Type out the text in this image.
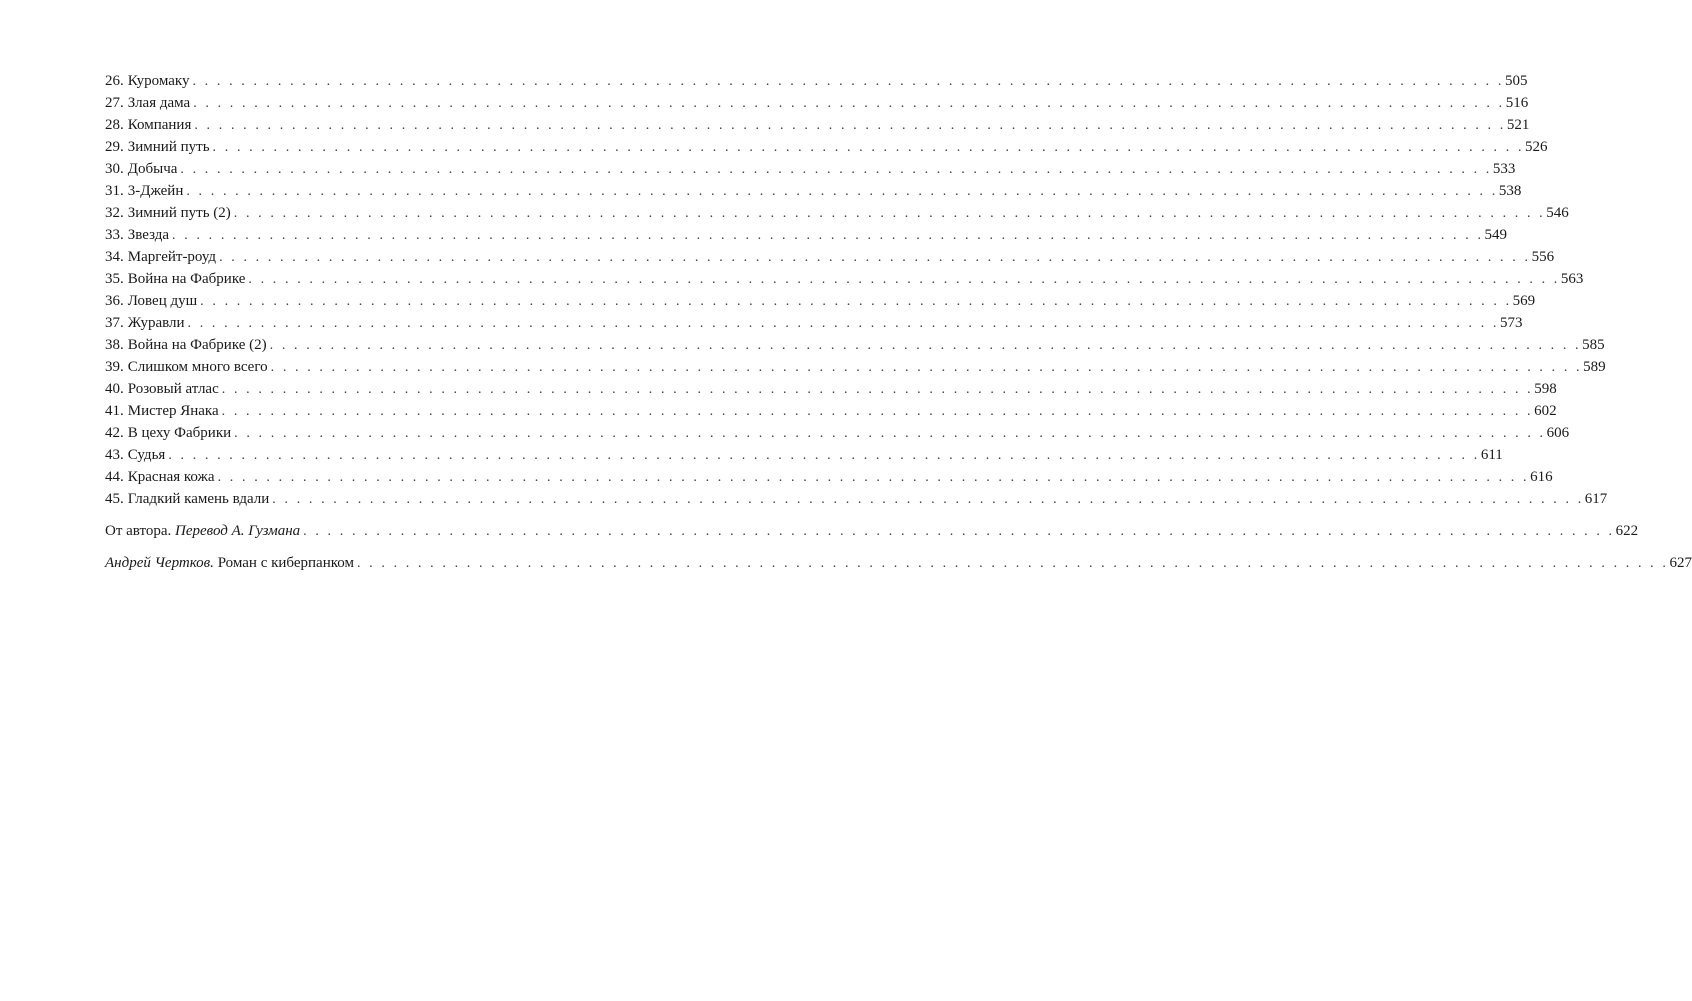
26. Куромаку . . . . . . . . . . . . . . . . . . . . . . . . . . . . . . . . . . . . . . . . . . . . . . . . . . . . . . . . . . . . . . . . . . . . . . . . . . . . . . . . . . . . . . . . . . . . . . . . . . . . . . . . . . . . 505
27. Злая дама . . . . . . . . . . . . . . . . . . . . . . . . . . . . . . . . . . . . . . . . . . . . . . . . . . . . . . . . . . . . . . . . . . . . . . . . . . . . . . . . . . . . . . . . . . . . . . . . . . . . . . . . . . . . 516
28. Компания . . . . . . . . . . . . . . . . . . . . . . . . . . . . . . . . . . . . . . . . . . . . . . . . . . . . . . . . . . . . . . . . . . . . . . . . . . . . . . . . . . . . . . . . . . . . . . . . . . . . . . . . . . . . 521
29. Зимний путь . . . . . . . . . . . . . . . . . . . . . . . . . . . . . . . . . . . . . . . . . . . . . . . . . . . . . . . . . . . . . . . . . . . . . . . . . . . . . . . . . . . . . . . . . . . . . . . . . . . . . . . . . . . . 526
30. Добыча . . . . . . . . . . . . . . . . . . . . . . . . . . . . . . . . . . . . . . . . . . . . . . . . . . . . . . . . . . . . . . . . . . . . . . . . . . . . . . . . . . . . . . . . . . . . . . . . . . . . . . . . . . . . 533
31. 3-Джейн . . . . . . . . . . . . . . . . . . . . . . . . . . . . . . . . . . . . . . . . . . . . . . . . . . . . . . . . . . . . . . . . . . . . . . . . . . . . . . . . . . . . . . . . . . . . . . . . . . . . . . . . . . . . 538
32. Зимний путь (2) . . . . . . . . . . . . . . . . . . . . . . . . . . . . . . . . . . . . . . . . . . . . . . . . . . . . . . . . . . . . . . . . . . . . . . . . . . . . . . . . . . . . . . . . . . . . . . . . . . . . . . . . . . . . 546
33. Звезда . . . . . . . . . . . . . . . . . . . . . . . . . . . . . . . . . . . . . . . . . . . . . . . . . . . . . . . . . . . . . . . . . . . . . . . . . . . . . . . . . . . . . . . . . . . . . . . . . . . . . . . . . . . . 549
34. Маргейт-роуд . . . . . . . . . . . . . . . . . . . . . . . . . . . . . . . . . . . . . . . . . . . . . . . . . . . . . . . . . . . . . . . . . . . . . . . . . . . . . . . . . . . . . . . . . . . . . . . . . . . . . . . . . . . . 556
35. Война на Фабрике . . . . . . . . . . . . . . . . . . . . . . . . . . . . . . . . . . . . . . . . . . . . . . . . . . . . . . . . . . . . . . . . . . . . . . . . . . . . . . . . . . . . . . . . . . . . . . . . . . . . . . . . . . . . 563
36. Ловец душ . . . . . . . . . . . . . . . . . . . . . . . . . . . . . . . . . . . . . . . . . . . . . . . . . . . . . . . . . . . . . . . . . . . . . . . . . . . . . . . . . . . . . . . . . . . . . . . . . . . . . . . . . . . . 569
37. Журавли . . . . . . . . . . . . . . . . . . . . . . . . . . . . . . . . . . . . . . . . . . . . . . . . . . . . . . . . . . . . . . . . . . . . . . . . . . . . . . . . . . . . . . . . . . . . . . . . . . . . . . . . . . . . 573
38. Война на Фабрике (2) . . . . . . . . . . . . . . . . . . . . . . . . . . . . . . . . . . . . . . . . . . . . . . . . . . . . . . . . . . . . . . . . . . . . . . . . . . . . . . . . . . . . . . . . . . . . . . . . . . . . . . . . . . . . 585
39. Слишком много всего . . . . . . . . . . . . . . . . . . . . . . . . . . . . . . . . . . . . . . . . . . . . . . . . . . . . . . . . . . . . . . . . . . . . . . . . . . . . . . . . . . . . . . . . . . . . . . . . . . . . . . . . . . . . 589
40. Розовый атлас . . . . . . . . . . . . . . . . . . . . . . . . . . . . . . . . . . . . . . . . . . . . . . . . . . . . . . . . . . . . . . . . . . . . . . . . . . . . . . . . . . . . . . . . . . . . . . . . . . . . . . . . . . . . 598
41. Мистер Янака . . . . . . . . . . . . . . . . . . . . . . . . . . . . . . . . . . . . . . . . . . . . . . . . . . . . . . . . . . . . . . . . . . . . . . . . . . . . . . . . . . . . . . . . . . . . . . . . . . . . . . . . . . . . 602
42. В цеху Фабрики . . . . . . . . . . . . . . . . . . . . . . . . . . . . . . . . . . . . . . . . . . . . . . . . . . . . . . . . . . . . . . . . . . . . . . . . . . . . . . . . . . . . . . . . . . . . . . . . . . . . . . . . . . . . 606
43. Судья . . . . . . . . . . . . . . . . . . . . . . . . . . . . . . . . . . . . . . . . . . . . . . . . . . . . . . . . . . . . . . . . . . . . . . . . . . . . . . . . . . . . . . . . . . . . . . . . . . . . . . . . . . . . 611
44. Красная кожа . . . . . . . . . . . . . . . . . . . . . . . . . . . . . . . . . . . . . . . . . . . . . . . . . . . . . . . . . . . . . . . . . . . . . . . . . . . . . . . . . . . . . . . . . . . . . . . . . . . . . . . . . . . . 616
45. Гладкий камень вдали . . . . . . . . . . . . . . . . . . . . . . . . . . . . . . . . . . . . . . . . . . . . . . . . . . . . . . . . . . . . . . . . . . . . . . . . . . . . . . . . . . . . . . . . . . . . . . . . . . . . . . . . . . . . 617
От автора. Перевод А. Гузмана . . . . . . . . . . . . . . . . . . . . . . . . . . . . . . . . . . . . . . . . . . . . . . . . . . . . . . . . . . . . . . . . . . . . . . . . . . . . . . . . . . . . . . . . . . . . . . . . . . . . . . . . . . . . 622
Андрей Чертков. Роман с киберпанком . . . . . . . . . . . . . . . . . . . . . . . . . . . . . . . . . . . . . . . . . . . . . . . . . . . . . . . . . . . . . . . . . . . . . . . . . . . . . . . . . . . . . . . . . . . . . . . . . . . . . . . . . . . . 627
